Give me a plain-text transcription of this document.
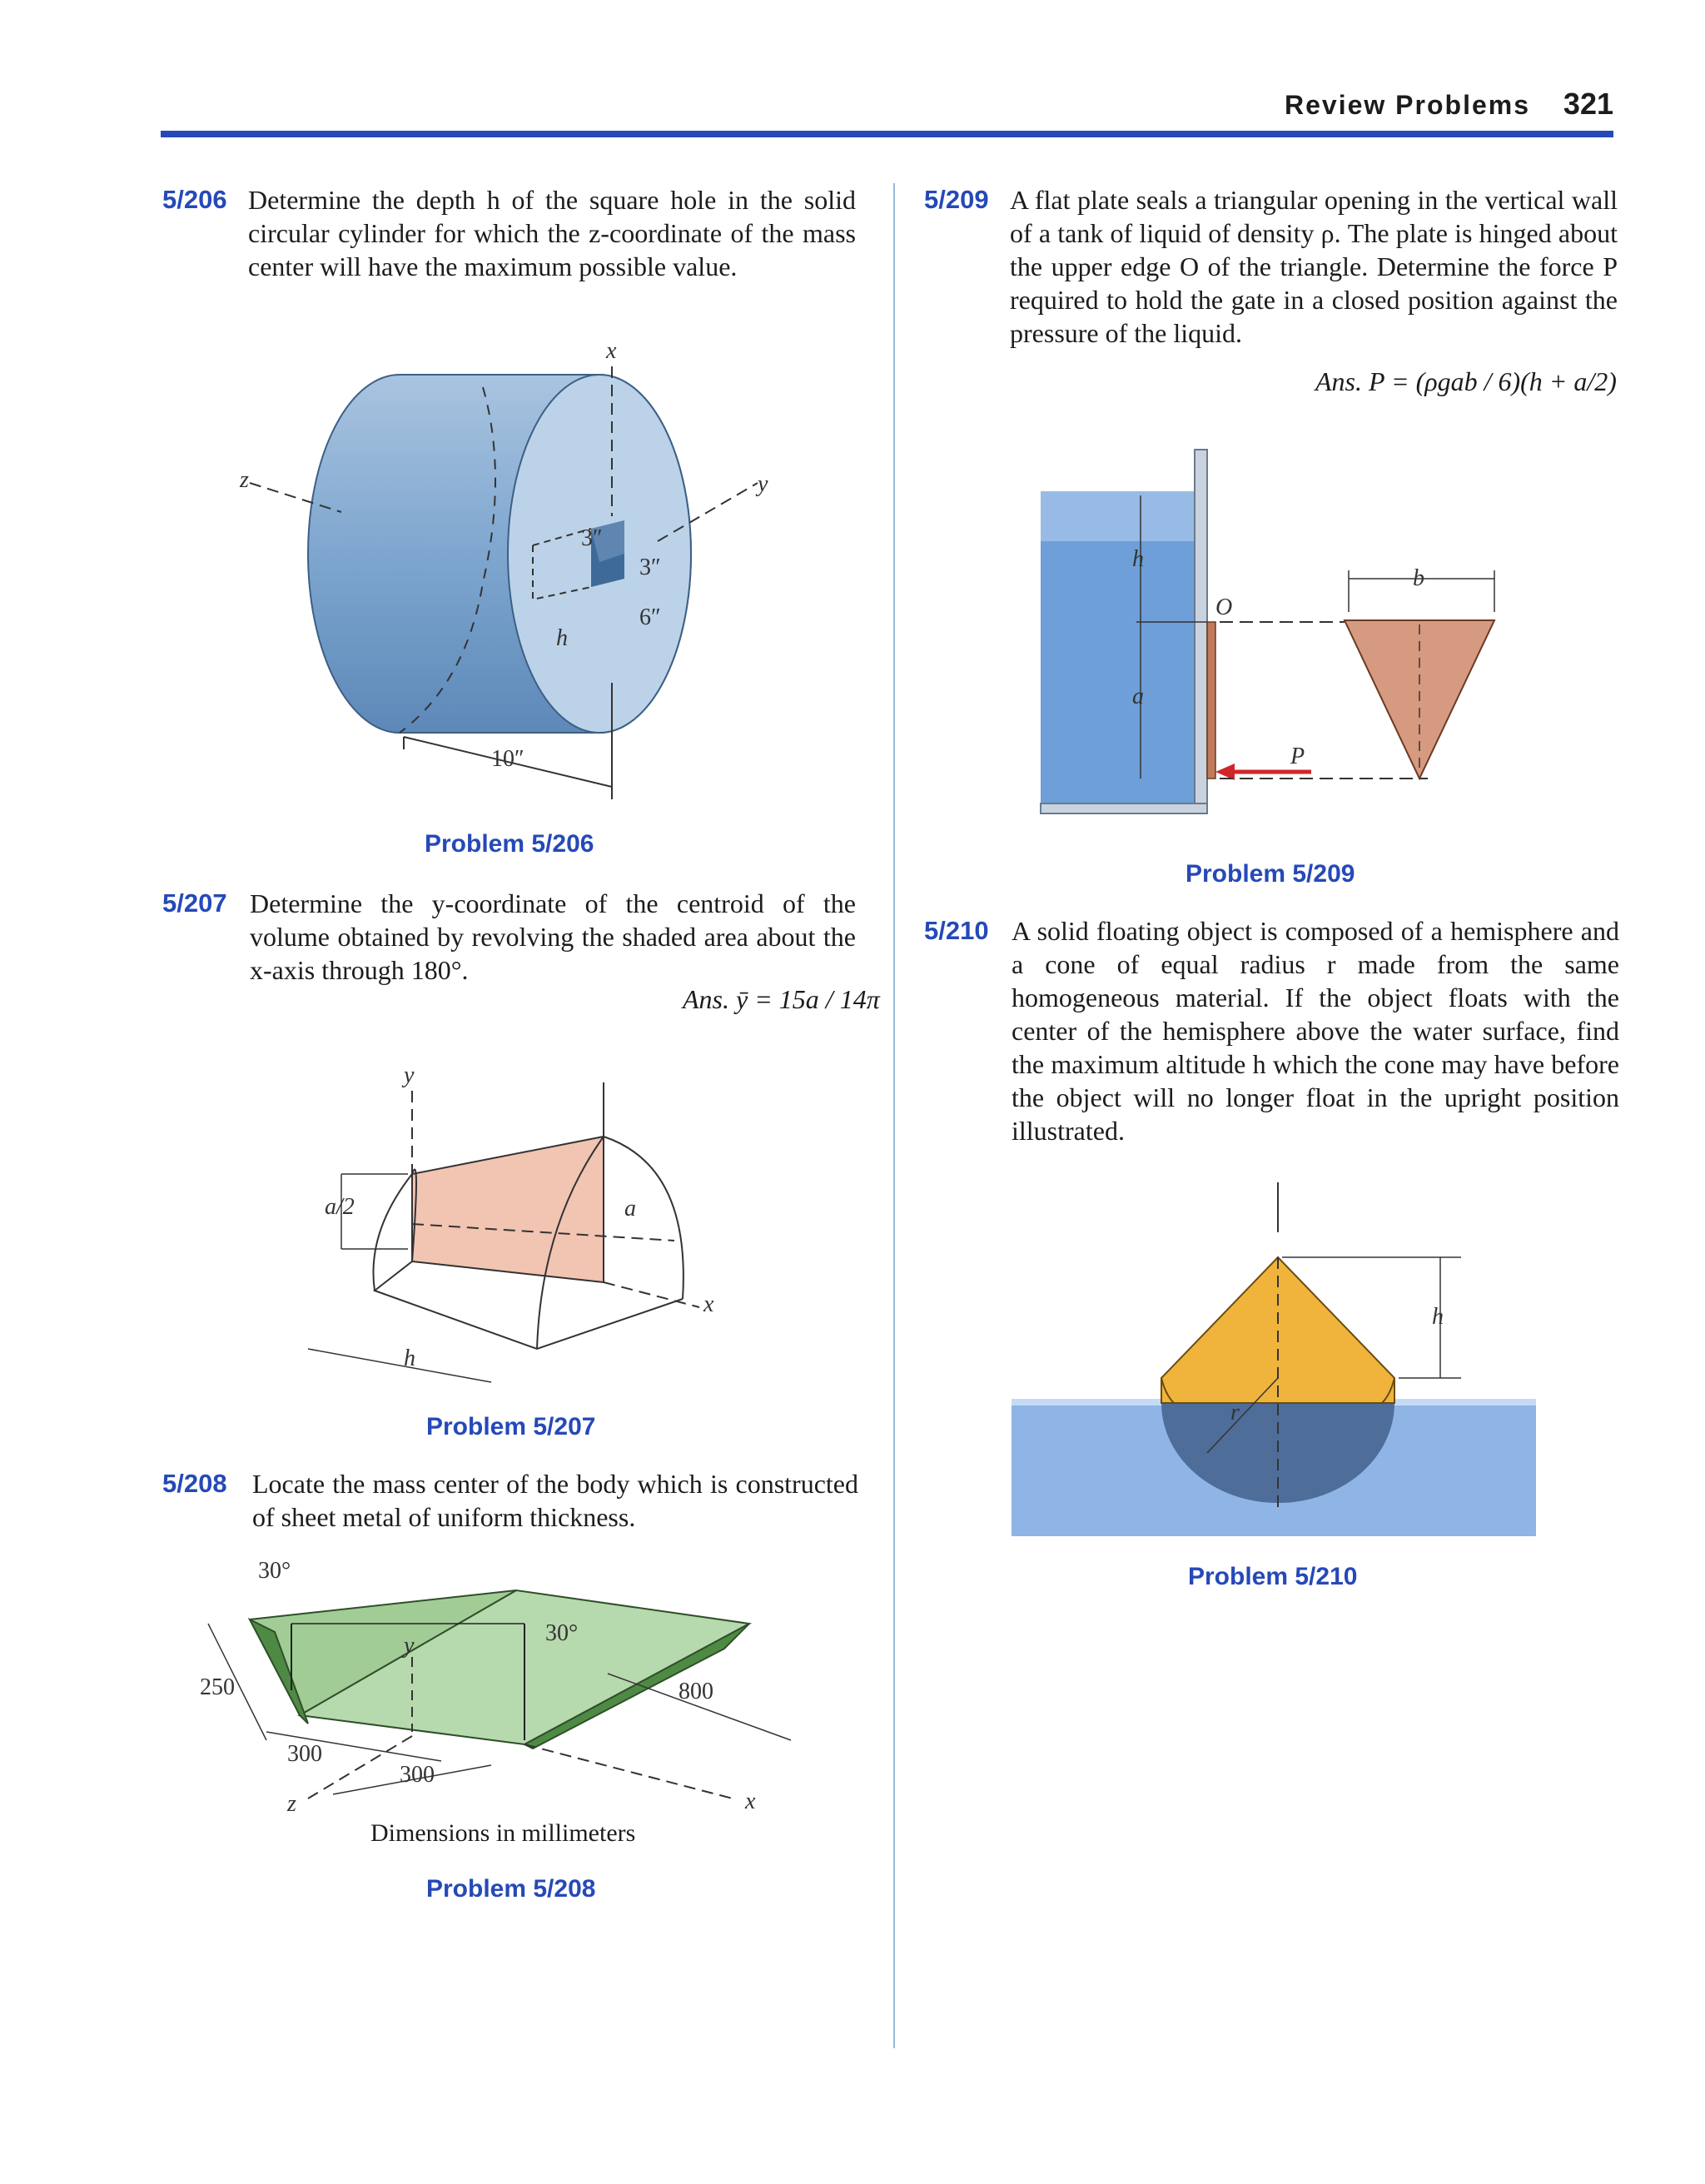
Review Problems 321
5/206 Determine the depth h of the square hole in the solid circular cylinder for which the z-coordinate of the mass center will have the maximum possible value.
x
z	y
3″
3″
6″
h
10″
Problem 5/206
5/207 Determine the y-coordinate of the centroid of the volume obtained by revolving the shaded area about the x-axis through 180°.
Ans. ȳ = 15a / 14π
y
a/2	a
x
h
Problem 5/207
5/208 Locate the mass center of the body which is constructed of sheet metal of uniform thickness.
30°
30°
250
300
300
800
y
z	x
Dimensions in millimeters
Problem 5/208
5/209 A flat plate seals a triangular opening in the vertical wall of a tank of liquid of density ρ. The plate is hinged about the upper edge O of the triangle. Determine the force P required to hold the gate in a closed position against the pressure of the liquid.
Ans. P = (ρgab / 6)(h + a/2)
h
a
O
P
b
Problem 5/209
5/210 A solid floating object is composed of a hemisphere and a cone of equal radius r made from the same homogeneous material. If the object floats with the center of the hemisphere above the water surface, find the maximum altitude h which the cone may have before the object will no longer float in the upright position illustrated.
h
r
Problem 5/210
